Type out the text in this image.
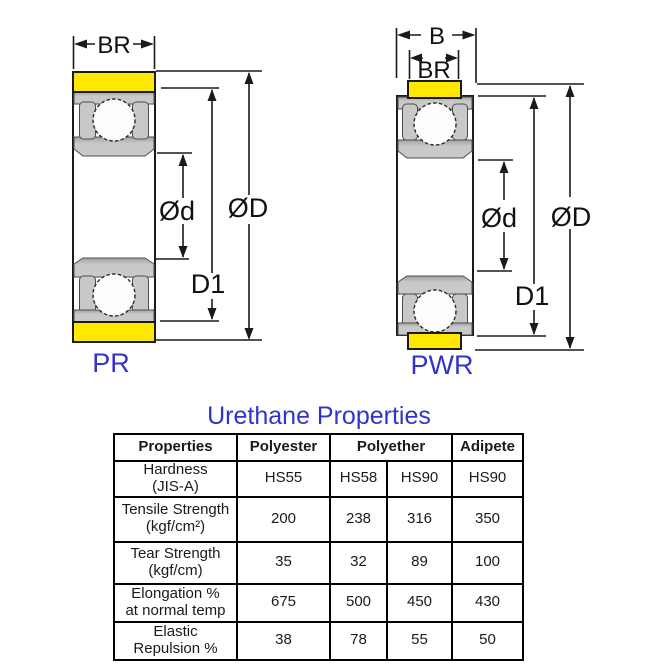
BR
ØD
D1
Ød
PR
B
BR
ØD
D1
Ød
PWR
Urethane Properties
Properties	Polyester	Polyether		Adipete

Hardness
(JIS-A)	HS55	HS58	HS90	HS90

Tensile Strength
(kgf/cm²)	200	238	316	350

Tear Strength
(kgf/cm)	35	32	89	100

Elongation %
at normal temp	675	500	450	430

Elastic
Repulsion %	38	78	55	50
